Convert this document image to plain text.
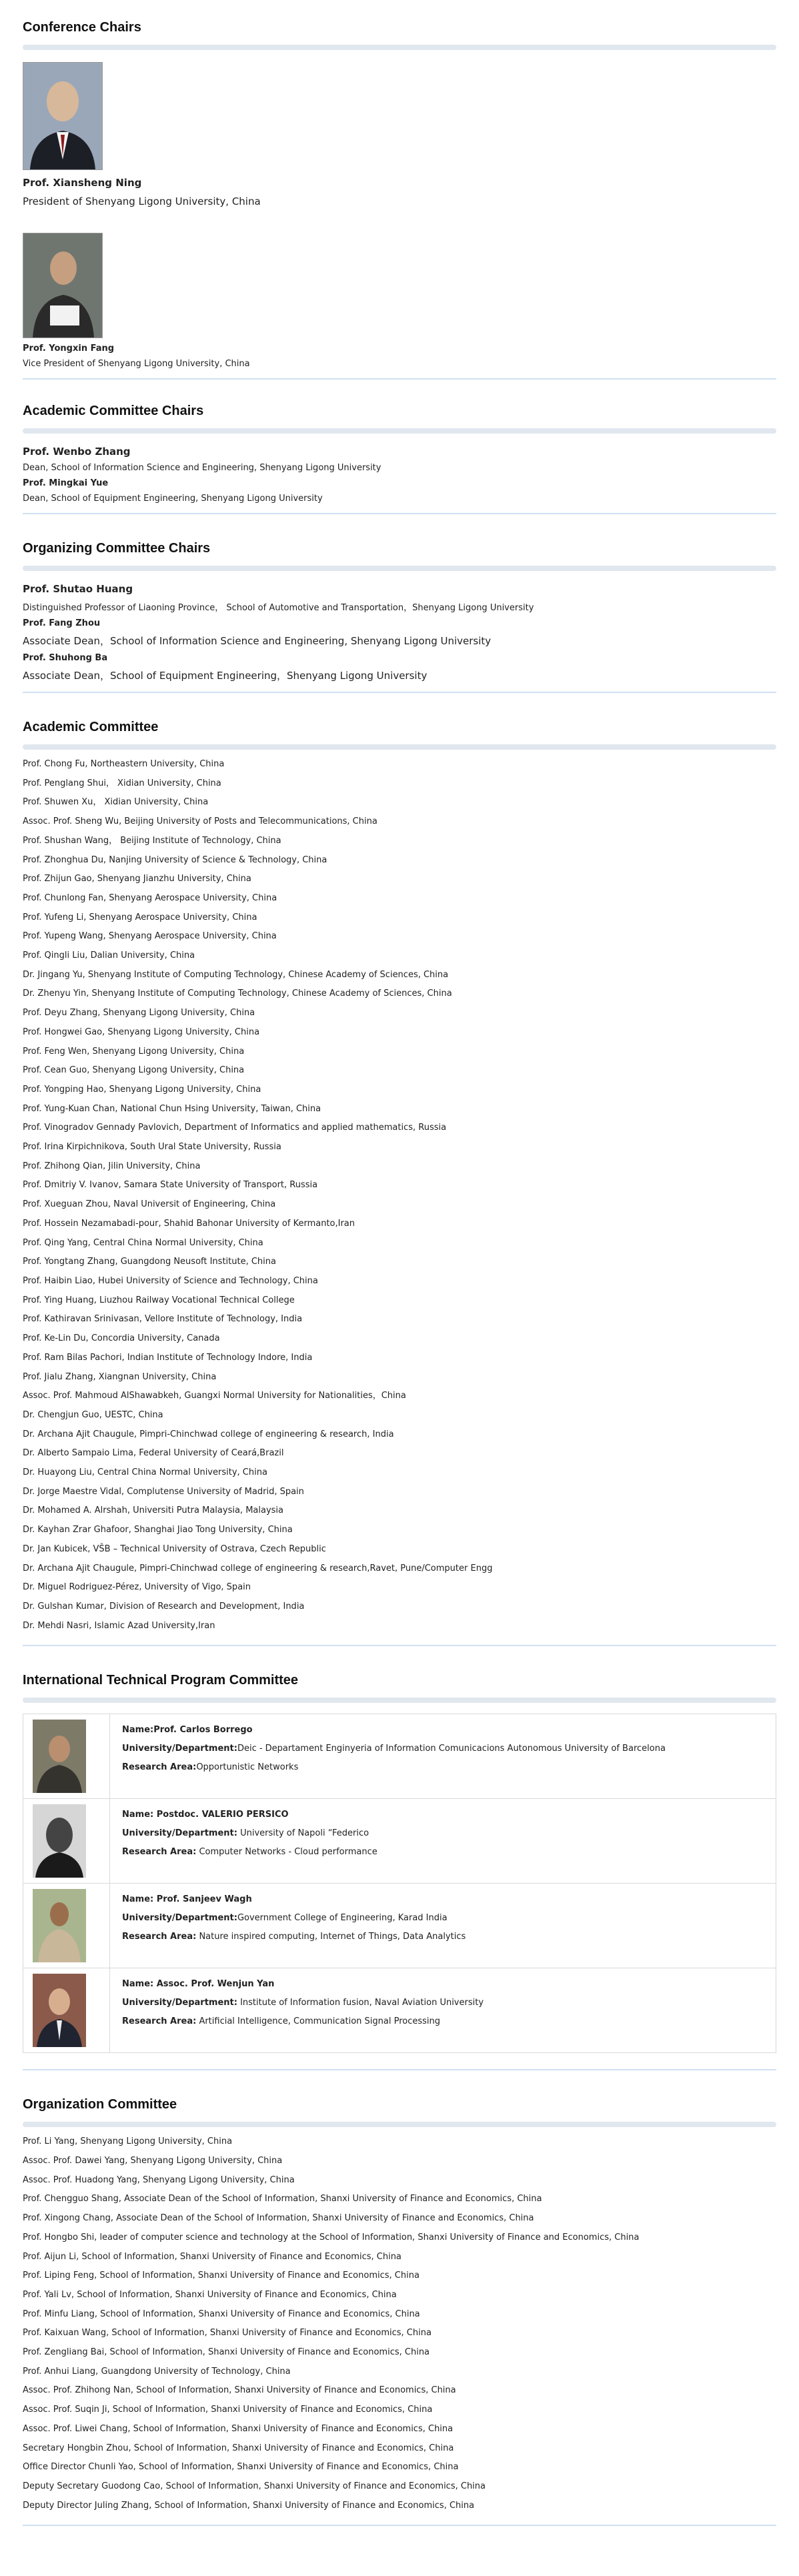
Conference Chairs
Prof. Xiansheng Ning
President of Shenyang Ligong University, China
Prof. Yongxin Fang
Vice President of Shenyang Ligong University, China
Academic Committee Chairs
Prof. Wenbo Zhang
Dean, School of Information Science and Engineering, Shenyang Ligong University
Prof. Mingkai Yue
Dean, School of Equipment Engineering, Shenyang Ligong University
Organizing Committee Chairs
Prof. Shutao Huang
Distinguished Professor of Liaoning Province， School of Automotive and Transportation，Shenyang Ligong University
Prof. Fang Zhou
Associate Dean，School of Information Science and Engineering, Shenyang Ligong University
Prof. Shuhong Ba
Associate Dean，School of Equipment Engineering，Shenyang Ligong University
Academic Committee
Prof. Chong Fu, Northeastern University, China
Prof. Penglang Shui， Xidian University, China
Prof. Shuwen Xu， Xidian University, China
Assoc. Prof. Sheng Wu, Beijing University of Posts and Telecommunications, China
Prof. Shushan Wang， Beijing Institute of Technology, China
Prof. Zhonghua Du, Nanjing University of Science & Technology, China
Prof. Zhijun Gao, Shenyang Jianzhu University, China
Prof. Chunlong Fan, Shenyang Aerospace University, China
Prof. Yufeng Li, Shenyang Aerospace University, China
Prof. Yupeng Wang, Shenyang Aerospace University, China
Prof. Qingli Liu, Dalian University, China
Dr. Jingang Yu, Shenyang Institute of Computing Technology, Chinese Academy of Sciences, China
Dr. Zhenyu Yin, Shenyang Institute of Computing Technology, Chinese Academy of Sciences, China
Prof. Deyu Zhang, Shenyang Ligong University, China
Prof. Hongwei Gao, Shenyang Ligong University, China
Prof. Feng Wen, Shenyang Ligong University, China
Prof. Cean Guo, Shenyang Ligong University, China
Prof. Yongping Hao, Shenyang Ligong University, China
Prof. Yung-Kuan Chan, National Chun Hsing University, Taiwan, China
Prof. Vinogradov Gennady Pavlovich, Department of Informatics and applied mathematics, Russia
Prof. Irina Kirpichnikova, South Ural State University, Russia
Prof. Zhihong Qian, Jilin University, China
Prof. Dmitriy V. Ivanov, Samara State University of Transport, Russia
Prof. Xueguan Zhou, Naval Universit of Engineering, China
Prof. Hossein Nezamabadi-pour, Shahid Bahonar University of Kermanto,Iran
Prof. Qing Yang, Central China Normal University, China
Prof. Yongtang Zhang, Guangdong Neusoft Institute, China
Prof. Haibin Liao, Hubei University of Science and Technology, China
Prof. Ying Huang, Liuzhou Railway Vocational Technical College
Prof. Kathiravan Srinivasan, Vellore Institute of Technology, India
Prof. Ke-Lin Du, Concordia University, Canada
Prof. Ram Bilas Pachori, Indian Institute of Technology Indore, India
Prof. Jialu Zhang, Xiangnan University, China
Assoc. Prof. Mahmoud AlShawabkeh, Guangxi Normal University for Nationalities，China
Dr. Chengjun Guo, UESTC, China
Dr. Archana Ajit Chaugule, Pimpri-Chinchwad college of engineering & research, India
Dr. Alberto Sampaio Lima, Federal University of Ceará,Brazil
Dr. Huayong Liu, Central China Normal University, China
Dr. Jorge Maestre Vidal, Complutense University of Madrid, Spain
Dr. Mohamed A. Alrshah, Universiti Putra Malaysia, Malaysia
Dr. Kayhan Zrar Ghafoor, Shanghai Jiao Tong University, China
Dr. Jan Kubicek, VŠB – Technical University of Ostrava, Czech Republic
Dr. Archana Ajit Chaugule, Pimpri-Chinchwad college of engineering & research,Ravet, Pune/Computer Engg
Dr. Miguel Rodriguez-Pérez, University of Vigo, Spain
Dr. Gulshan Kumar, Division of Research and Development, India
Dr. Mehdi Nasri, Islamic Azad University,Iran
International Technical Program Committee
Name:Prof. Carlos Borrego
University/Department:Deic - Departament Enginyeria of Information Comunicacions Autonomous University of Barcelona
Research Area:Opportunistic Networks
Name: Postdoc. VALERIO PERSICO
University/Department: University of Napoli “Federico
Research Area: Computer Networks - Cloud performance
Name: Prof. Sanjeev Wagh
University/Department:Government College of Engineering, Karad India
Research Area: Nature inspired computing, Internet of Things, Data Analytics
Name: Assoc. Prof. Wenjun Yan
University/Department: Institute of Information fusion, Naval Aviation University
Research Area: Artificial Intelligence, Communication Signal Processing
Organization Committee
Prof. Li Yang, Shenyang Ligong University, China
Assoc. Prof. Dawei Yang, Shenyang Ligong University, China
Assoc. Prof. Huadong Yang, Shenyang Ligong University, China
Prof. Chengguo Shang, Associate Dean of the School of Information, Shanxi University of Finance and Economics, China
Prof. Xingong Chang, Associate Dean of the School of Information, Shanxi University of Finance and Economics, China
Prof. Hongbo Shi, leader of computer science and technology at the School of Information, Shanxi University of Finance and Economics, China
Prof. Aijun Li, School of Information, Shanxi University of Finance and Economics, China
Prof. Liping Feng, School of Information, Shanxi University of Finance and Economics, China
Prof. Yali Lv, School of Information, Shanxi University of Finance and Economics, China
Prof. Minfu Liang, School of Information, Shanxi University of Finance and Economics, China
Prof. Kaixuan Wang, School of Information, Shanxi University of Finance and Economics, China
Prof. Zengliang Bai, School of Information, Shanxi University of Finance and Economics, China
Prof. Anhui Liang, Guangdong University of Technology, China
Assoc. Prof. Zhihong Nan, School of Information, Shanxi University of Finance and Economics, China
Assoc. Prof. Suqin Ji, School of Information, Shanxi University of Finance and Economics, China
Assoc. Prof. Liwei Chang, School of Information, Shanxi University of Finance and Economics, China
Secretary Hongbin Zhou, School of Information, Shanxi University of Finance and Economics, China
Office Director Chunli Yao, School of Information, Shanxi University of Finance and Economics, China
Deputy Secretary Guodong Cao, School of Information, Shanxi University of Finance and Economics, China
Deputy Director Juling Zhang, School of Information, Shanxi University of Finance and Economics, China
